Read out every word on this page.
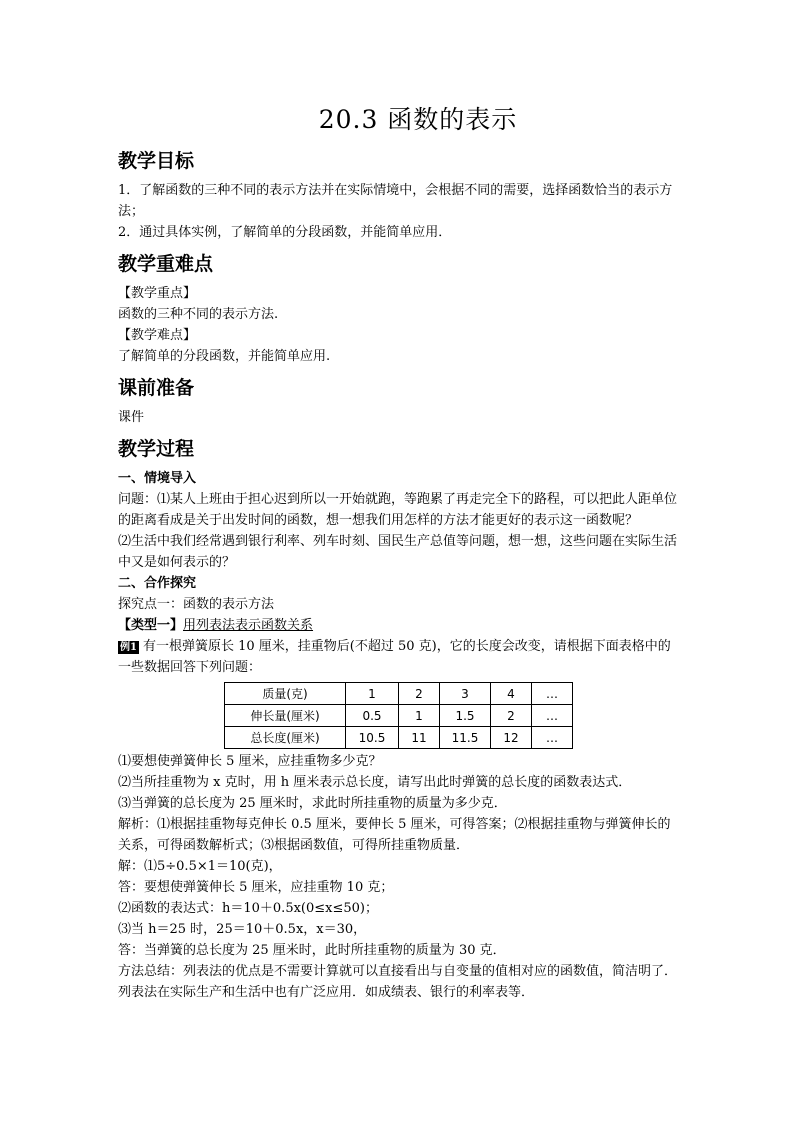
20.3 函数的表示
教学目标

1．了解函数的三种不同的表示方法并在实际情境中，会根据不同的需要，选择函数恰当的表示方法；

2．通过具体实例，了解简单的分段函数，并能简单应用．

教学重难点

【教学重点】

函数的三种不同的表示方法.

【教学难点】

了解简单的分段函数，并能简单应用.

课前准备

课件

教学过程

一、情境导入

问题：⑴某人上班由于担心迟到所以一开始就跑，等跑累了再走完全下的路程，可以把此人距单位的距离看成是关于出发时间的函数，想一想我们用怎样的方法才能更好的表示这一函数呢？

⑵生活中我们经常遇到银行利率、列车时刻、国民生产总值等问题，想一想，这些问题在实际生活中又是如何表示的？

二、合作探究

探究点一：函数的表示方法

【类型一】用列表法表示函数关系

例1 有一根弹簧原长 10 厘米，挂重物后(不超过 50 克)，它的长度会改变，请根据下面表格中的一些数据回答下列问题：

质量(克)	1	2	3	4	…
伸长量(厘米)	0.5	1	1.5	2	…
总长度(厘米)	10.5	11	11.5	12	…

⑴要想使弹簧伸长 5 厘米，应挂重物多少克？

⑵当所挂重物为 x 克时，用 h 厘米表示总长度，请写出此时弹簧的总长度的函数表达式．

⑶当弹簧的总长度为 25 厘米时，求此时所挂重物的质量为多少克．

解析：⑴根据挂重物每克伸长 0.5 厘米，要伸长 5 厘米，可得答案；⑵根据挂重物与弹簧伸长的关系，可得函数解析式；⑶根据函数值，可得所挂重物质量．

解：⑴5÷0.5×1＝10(克)，

答：要想使弹簧伸长 5 厘米，应挂重物 10 克；

⑵函数的表达式：h＝10＋0.5x(0≤x≤50)；

⑶当 h＝25 时，25＝10＋0.5x，x＝30，

答：当弹簧的总长度为 25 厘米时，此时所挂重物的质量为 30 克．

方法总结：列表法的优点是不需要计算就可以直接看出与自变量的值相对应的函数值，简洁明了．列表法在实际生产和生活中也有广泛应用．如成绩表、银行的利率表等．
